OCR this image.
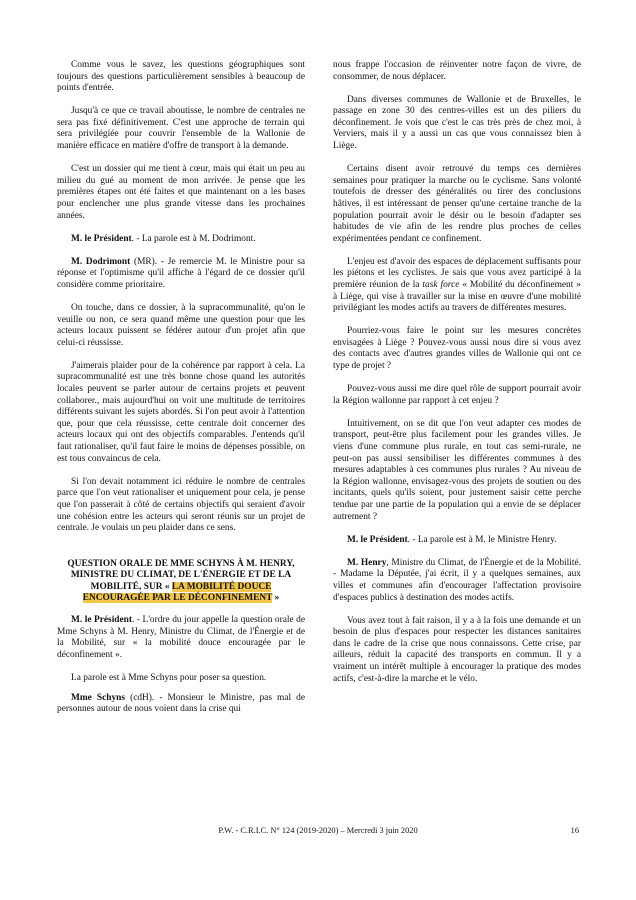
Comme vous le savez, les questions géographiques sont toujours des questions particulièrement sensibles à beaucoup de points d'entrée.

Jusqu'à ce que ce travail aboutisse, le nombre de centrales ne sera pas fixé définitivement. C'est une approche de terrain qui sera privilégiée pour couvrir l'ensemble de la Wallonie de manière efficace en matière d'offre de transport à la demande.

C'est un dossier qui me tient à cœur, mais qui était un peu au milieu du gué au moment de mon arrivée. Je pense que les premières étapes ont été faites et que maintenant on a les bases pour enclencher une plus grande vitesse dans les prochaines années.

M. le Président. - La parole est à M. Dodrimont.

M. Dodrimont (MR). - Je remercie M. le Ministre pour sa réponse et l'optimisme qu'il affiche à l'égard de ce dossier qu'il considère comme prioritaire.

On touche, dans ce dossier, à la supracommunalité, qu'on le veuille ou non, ce sera quand même une question pour que les acteurs locaux puissent se fédérer autour d'un projet afin que celui-ci réussisse.

J'aimerais plaider pour de la cohérence par rapport à cela. La supracommunalité est une très bonne chose quand les autorités locales peuvent se parler autour de certains projets et peuvent collaborer., mais aujourd'hui on voit une multitude de territoires différents suivant les sujets abordés. Si l'on peut avoir à l'attention que, pour que cela réussisse, cette centrale doit concerner des acteurs locaux qui ont des objectifs comparables. J'entends qu'il faut rationaliser, qu'il faut faire le moins de dépenses possible, on est tous convaincus de cela.

Si l'on devait notamment ici réduire le nombre de centrales parce que l'on veut rationaliser et uniquement pour cela, je pense que l'on passerait à côté de certains objectifs qui seraient d'avoir une cohésion entre les acteurs qui seront réunis sur un projet de centrale. Je voulais un peu plaider dans ce sens.

QUESTION ORALE DE MME SCHYNS À M. HENRY, MINISTRE DU CLIMAT, DE L'ÉNERGIE ET DE LA MOBILITÉ, SUR « LA MOBILITÉ DOUCE ENCOURAGÉE PAR LE DÉCONFINEMENT »

M. le Président. - L'ordre du jour appelle la question orale de Mme Schyns à M. Henry, Ministre du Climat, de l'Énergie et de la Mobilité, sur « la mobilité douce encouragée par le déconfinement ».

La parole est à Mme Schyns pour poser sa question.

Mme Schyns (cdH). - Monsieur le Ministre, pas mal de personnes autour de nous voient dans la crise qui

nous frappe l'occasion de réinventer notre façon de vivre, de consommer, de nous déplacer.

Dans diverses communes de Wallonie et de Bruxelles, le passage en zone 30 des centres-villes est un des piliers du déconfinement. Je vois que c'est le cas très près de chez moi, à Verviers, mais il y a aussi un cas que vous connaissez bien à Liège.

Certains disent avoir retrouvé du temps ces dernières semaines pour pratiquer la marche ou le cyclisme. Sans volonté toutefois de dresser des généralités ou tirer des conclusions hâtives, il est intéressant de penser qu'une certaine tranche de la population pourrait avoir le désir ou le besoin d'adapter ses habitudes de vie afin de les rendre plus proches de celles expérimentées pendant ce confinement.

L'enjeu est d'avoir des espaces de déplacement suffisants pour les piétons et les cyclistes. Je sais que vous avez participé à la première réunion de la task force « Mobilité du déconfinement » à Liège, qui vise à travailler sur la mise en œuvre d'une mobilité privilégiant les modes actifs au travers de différentes mesures.

Pourriez-vous faire le point sur les mesures concrètes envisagées à Liège ? Pouvez-vous aussi nous dire si vous avez des contacts avec d'autres grandes villes de Wallonie qui ont ce type de projet ?

Pouvez-vous aussi me dire quel rôle de support pourrait avoir la Région wallonne par rapport à cet enjeu ?

Intuitivement, on se dit que l'on veut adapter ces modes de transport, peut-être plus facilement pour les grandes villes. Je viens d'une commune plus rurale, en tout cas semi-rurale, ne peut-on pas aussi sensibiliser les différentes communes à des mesures adaptables à ces communes plus rurales ? Au niveau de la Région wallonne, envisagez-vous des projets de soutien ou des incitants, quels qu'ils soient, pour justement saisir cette perche tendue par une partie de la population qui a envie de se déplacer autrement ?

M. le Président. - La parole est à M. le Ministre Henry.

M. Henry, Ministre du Climat, de l'Énergie et de la Mobilité. - Madame la Députée, j'ai écrit, il y a quelques semaines, aux villes et communes afin d'encourager l'affectation provisoire d'espaces publics à destination des modes actifs.

Vous avez tout à fait raison, il y a à la fois une demande et un besoin de plus d'espaces pour respecter les distances sanitaires dans le cadre de la crise que nous connaissons. Cette crise, par ailleurs, réduit la capacité des transports en commun. Il y a vraiment un intérêt multiple à encourager la pratique des modes actifs, c'est-à-dire la marche et le vélo.

P.W. - C.R.I.C. N° 124 (2019-2020) – Mercredi 3 juin 2020	16
